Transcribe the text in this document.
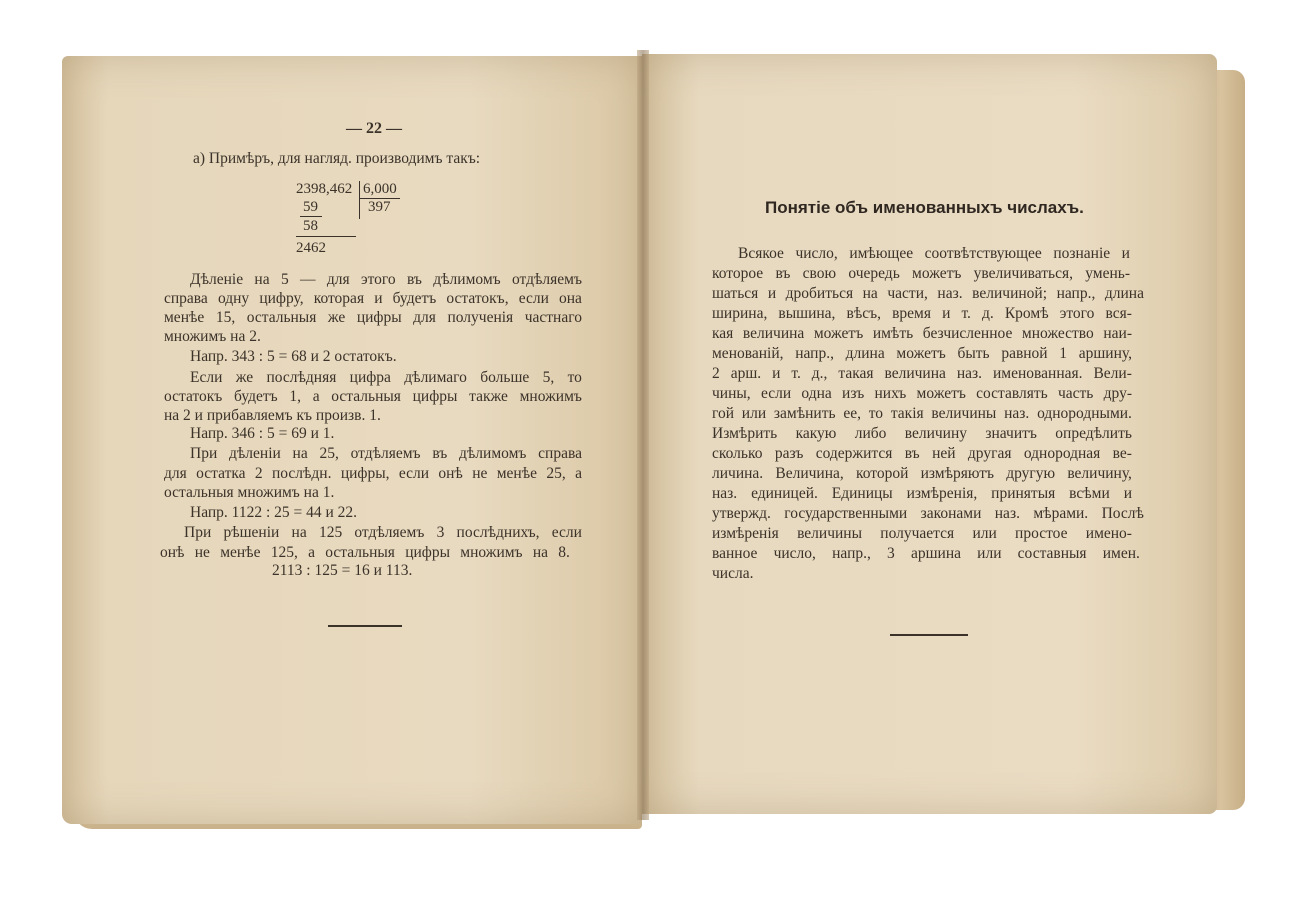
— 22 —
а) Примѣръ, для нагляд. производимъ такъ:
2398,462 6,000
59	397
58
2462
Дѣленіе на 5 — для этого въ дѣлимомъ отдѣляемъ
справа одну цифру, которая и будетъ остатокъ, если она
менѣе 15, остальныя же цифры для полученія частнаго
множимъ на 2.
Напр. 343 : 5 = 68 и 2 остатокъ.
Если же послѣдняя цифра дѣлимаго больше 5, то
остатокъ будетъ 1, а остальныя цифры также множимъ
на 2 и прибавляемъ къ произв. 1.
Напр. 346 : 5 = 69 и 1.
При дѣленіи на 25, отдѣляемъ въ дѣлимомъ справа
для остатка 2 послѣдн. цифры, если онѣ не менѣе 25, а
остальныя множимъ на 1.
Напр. 1122 : 25 = 44 и 22.
При рѣшеніи на 125 отдѣляемъ 3 послѣднихъ, если
онѣ не менѣе 125, а остальныя цифры множимъ на 8.
2113 : 125 = 16 и 113.
Понятіе объ именованныхъ числахъ.
Всякое число, имѣющее соотвѣтствующее познаніе и
которое въ свою очередь можетъ увеличиваться, умень-
шаться и дробиться на части, наз. величиной; напр., длина
ширина, вышина, вѣсъ, время и т. д. Кромѣ этого вся-
кая величина можетъ имѣть безчисленное множество наи-
менованій, напр., длина можетъ быть равной 1 аршину,
2 арш. и т. д., такая величина наз. именованная. Вели-
чины, если одна изъ нихъ можетъ составлять часть дру-
гой или замѣнить ее, то такія величины наз. однородными.
Измѣрить какую либо величину значитъ опредѣлить
сколько разъ содержится въ ней другая однородная ве-
личина. Величина, которой измѣряютъ другую величину,
наз. единицей. Единицы измѣренія, принятыя всѣми и
утвержд. государственными законами наз. мѣрами. Послѣ
измѣренія величины получается или простое имено-
ванное число, напр., 3 аршина или составныя имен.
числа.
